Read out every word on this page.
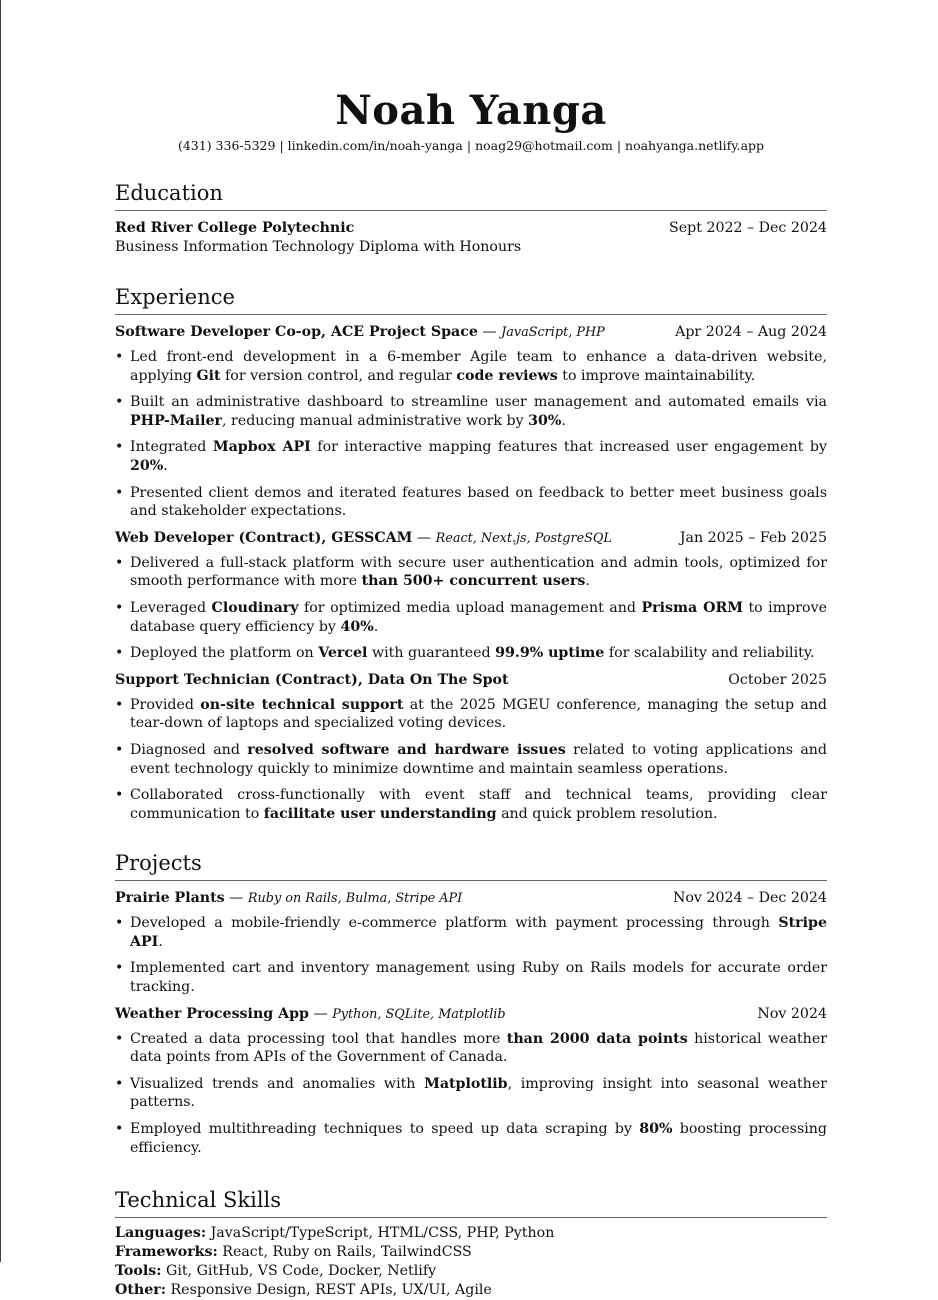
Noah Yanga
(431) 336-5329 | linkedin.com/in/noah-yanga | noag29@hotmail.com | noahyanga.netlify.app
Education
Red River College Polytechnic	Sept 2022 – Dec 2024
Business Information Technology Diploma with Honours
Experience
Software Developer Co-op, ACE Project Space — JavaScript, PHP	Apr 2024 – Aug 2024
• Led front-end development in a 6-member Agile team to enhance a data-driven website, applying Git for version control, and regular code reviews to improve maintainability.
• Built an administrative dashboard to streamline user management and automated emails via PHP-Mailer, reducing manual administrative work by 30%.
• Integrated Mapbox API for interactive mapping features that increased user engagement by 20%.
• Presented client demos and iterated features based on feedback to better meet business goals and stakeholder expectations.
Web Developer (Contract), GESSCAM — React, Next.js, PostgreSQL	Jan 2025 – Feb 2025
• Delivered a full-stack platform with secure user authentication and admin tools, optimized for smooth performance with more than 500+ concurrent users.
• Leveraged Cloudinary for optimized media upload management and Prisma ORM to improve database query efficiency by 40%.
• Deployed the platform on Vercel with guaranteed 99.9% uptime for scalability and reliability.
Support Technician (Contract), Data On The Spot	October 2025
• Provided on-site technical support at the 2025 MGEU conference, managing the setup and tear-down of laptops and specialized voting devices.
• Diagnosed and resolved software and hardware issues related to voting applications and event technology quickly to minimize downtime and maintain seamless operations.
• Collaborated cross-functionally with event staff and technical teams, providing clear communication to facilitate user understanding and quick problem resolution.
Projects
Prairie Plants — Ruby on Rails, Bulma, Stripe API	Nov 2024 – Dec 2024
• Developed a mobile-friendly e-commerce platform with payment processing through Stripe API.
• Implemented cart and inventory management using Ruby on Rails models for accurate order tracking.
Weather Processing App — Python, SQLite, Matplotlib	Nov 2024
• Created a data processing tool that handles more than 2000 data points historical weather data points from APIs of the Government of Canada.
• Visualized trends and anomalies with Matplotlib, improving insight into seasonal weather patterns.
• Employed multithreading techniques to speed up data scraping by 80% boosting processing efficiency.
Technical Skills
Languages: JavaScript/TypeScript, HTML/CSS, PHP, Python
Frameworks: React, Ruby on Rails, TailwindCSS
Tools: Git, GitHub, VS Code, Docker, Netlify
Other: Responsive Design, REST APIs, UX/UI, Agile
